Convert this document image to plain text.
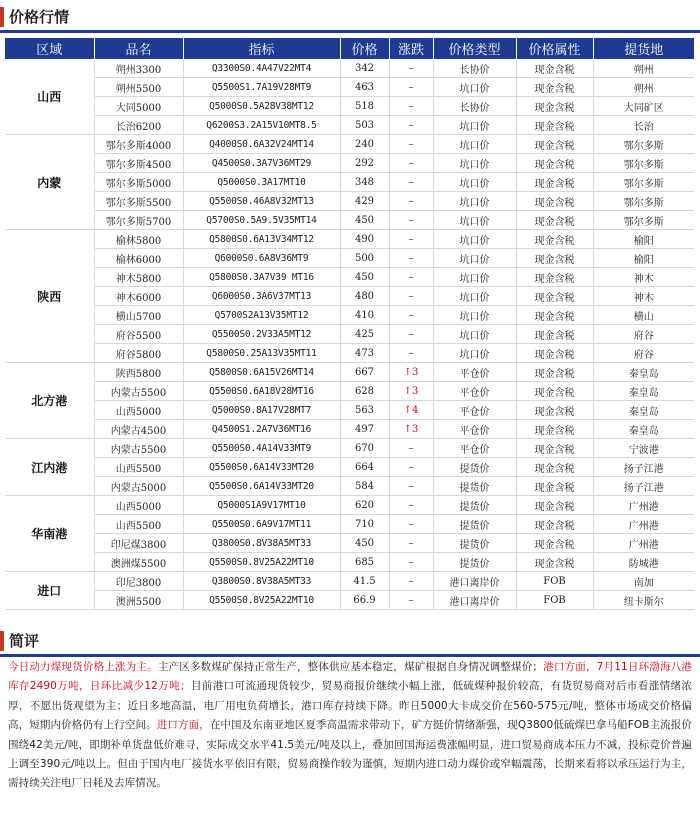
价格行情
区域	品名	指标	价格	涨跌	价格类型	价格属性	提货地
山西	朔州3300	Q3300S0.4A47V22MT4	342	–	长协价	现金含税	朔州
	朔州5500	Q5500S1.7A19V28MT9	463	–	坑口价	现金含税	朔州
	大同5000	Q5000S0.5A28V38MT12	518	–	长协价	现金含税	大同矿区
	长治6200	Q6200S3.2A15V10MT8.5	503	–	坑口价	现金含税	长治
内蒙	鄂尔多斯4000	Q4000S0.6A32V24MT14	240	–	坑口价	现金含税	鄂尔多斯
	鄂尔多斯4500	Q4500S0.3A7V36MT29	292	–	坑口价	现金含税	鄂尔多斯
	鄂尔多斯5000	Q5000S0.3A17MT10	348	–	坑口价	现金含税	鄂尔多斯
	鄂尔多斯5500	Q5500S0.46A8V32MT13	429	–	坑口价	现金含税	鄂尔多斯
	鄂尔多斯5700	Q5700S0.5A9.5V35MT14	450	–	坑口价	现金含税	鄂尔多斯
陕西	榆林5800	Q5800S0.6A13V34MT12	490	–	坑口价	现金含税	榆阳
	榆林6000	Q6000S0.6A8V36MT9	500	–	坑口价	现金含税	榆阳
	神木5800	Q5800S0.3A7V39 MT16	450	–	坑口价	现金含税	神木
	神木6000	Q6000S0.3A6V37MT13	480	–	坑口价	现金含税	神木
	横山5700	Q5700S2A13V35MT12	410	–	坑口价	现金含税	横山
	府谷5500	Q5500S0.2V33A5MT12	425	–	坑口价	现金含税	府谷
	府谷5800	Q5800S0.25A13V35MT11	473	–	坑口价	现金含税	府谷
北方港	陕西5800	Q5800S0.6A15V26MT14	667	↑3	平仓价	现金含税	秦皇岛
	内蒙古5500	Q5500S0.6A18V28MT16	628	↑3	平仓价	现金含税	秦皇岛
	山西5000	Q5000S0.8A17V28MT7	563	↑4	平仓价	现金含税	秦皇岛
	内蒙古4500	Q4500S1.2A7V36MT16	497	↑3	平仓价	现金含税	秦皇岛
江内港	内蒙古5500	Q5500S0.4A14V33MT9	670	–	平仓价	现金含税	宁波港
	山西5500	Q5500S0.6A14V33MT20	664	–	提货价	现金含税	扬子江港
	内蒙古5000	Q5500S0.6A14V33MT20	584	–	提货价	现金含税	扬子江港
华南港	山西5000	Q5000S1A9V17MT10	620	–	提货价	现金含税	广州港
	山西5500	Q5500S0.6A9V17MT11	710	–	提货价	现金含税	广州港
	印尼煤3800	Q3800S0.8V38A5MT33	450	–	提货价	现金含税	广州港
	澳洲煤5500	Q5500S0.8V25A22MT10	685	–	提货价	现金含税	防城港
进口	印尼3800	Q3800S0.8V38A5MT33	41.5	–	港口离岸价	FOB	南加
	澳洲5500	Q5500S0.8V25A22MT10	66.9	–	港口离岸价	FOB	纽卡斯尔
简评
今日动力煤现货价格上涨为主。主产区多数煤矿保持正常生产，整体供应基本稳定，煤矿根据自身情况调整煤价；港口方面，7月11日环渤海八港库存2490万吨，日环比减少12万吨；目前港口可流通现货较少，贸易商报价继续小幅上涨，低硫煤种报价较高，有货贸易商对后市看涨情绪浓厚，不愿出货观望为主；近日多地高温，电厂用电负荷增长，港口库存持续下降。昨日5000大卡成交价在560-575元/吨，整体市场成交价格偏高，短期内价格仍有上行空间。进口方面，在中国及东南亚地区夏季高温需求带动下，矿方挺价情绪渐强，现Q3800低硫煤巴拿马船FOB主流报价围绕42美元/吨，即期补单货盘低价难寻，实际成交水平41.5美元/吨及以上，叠加回国海运费涨幅明显，进口贸易商成本压力不减，投标竞价普遍上调至390元/吨以上。但由于国内电厂接货水平依旧有限，贸易商操作较为谨慎，短期内进口动力煤价或窄幅震荡，长期来看将以承压运行为主，需持续关注电厂日耗及去库情况。
